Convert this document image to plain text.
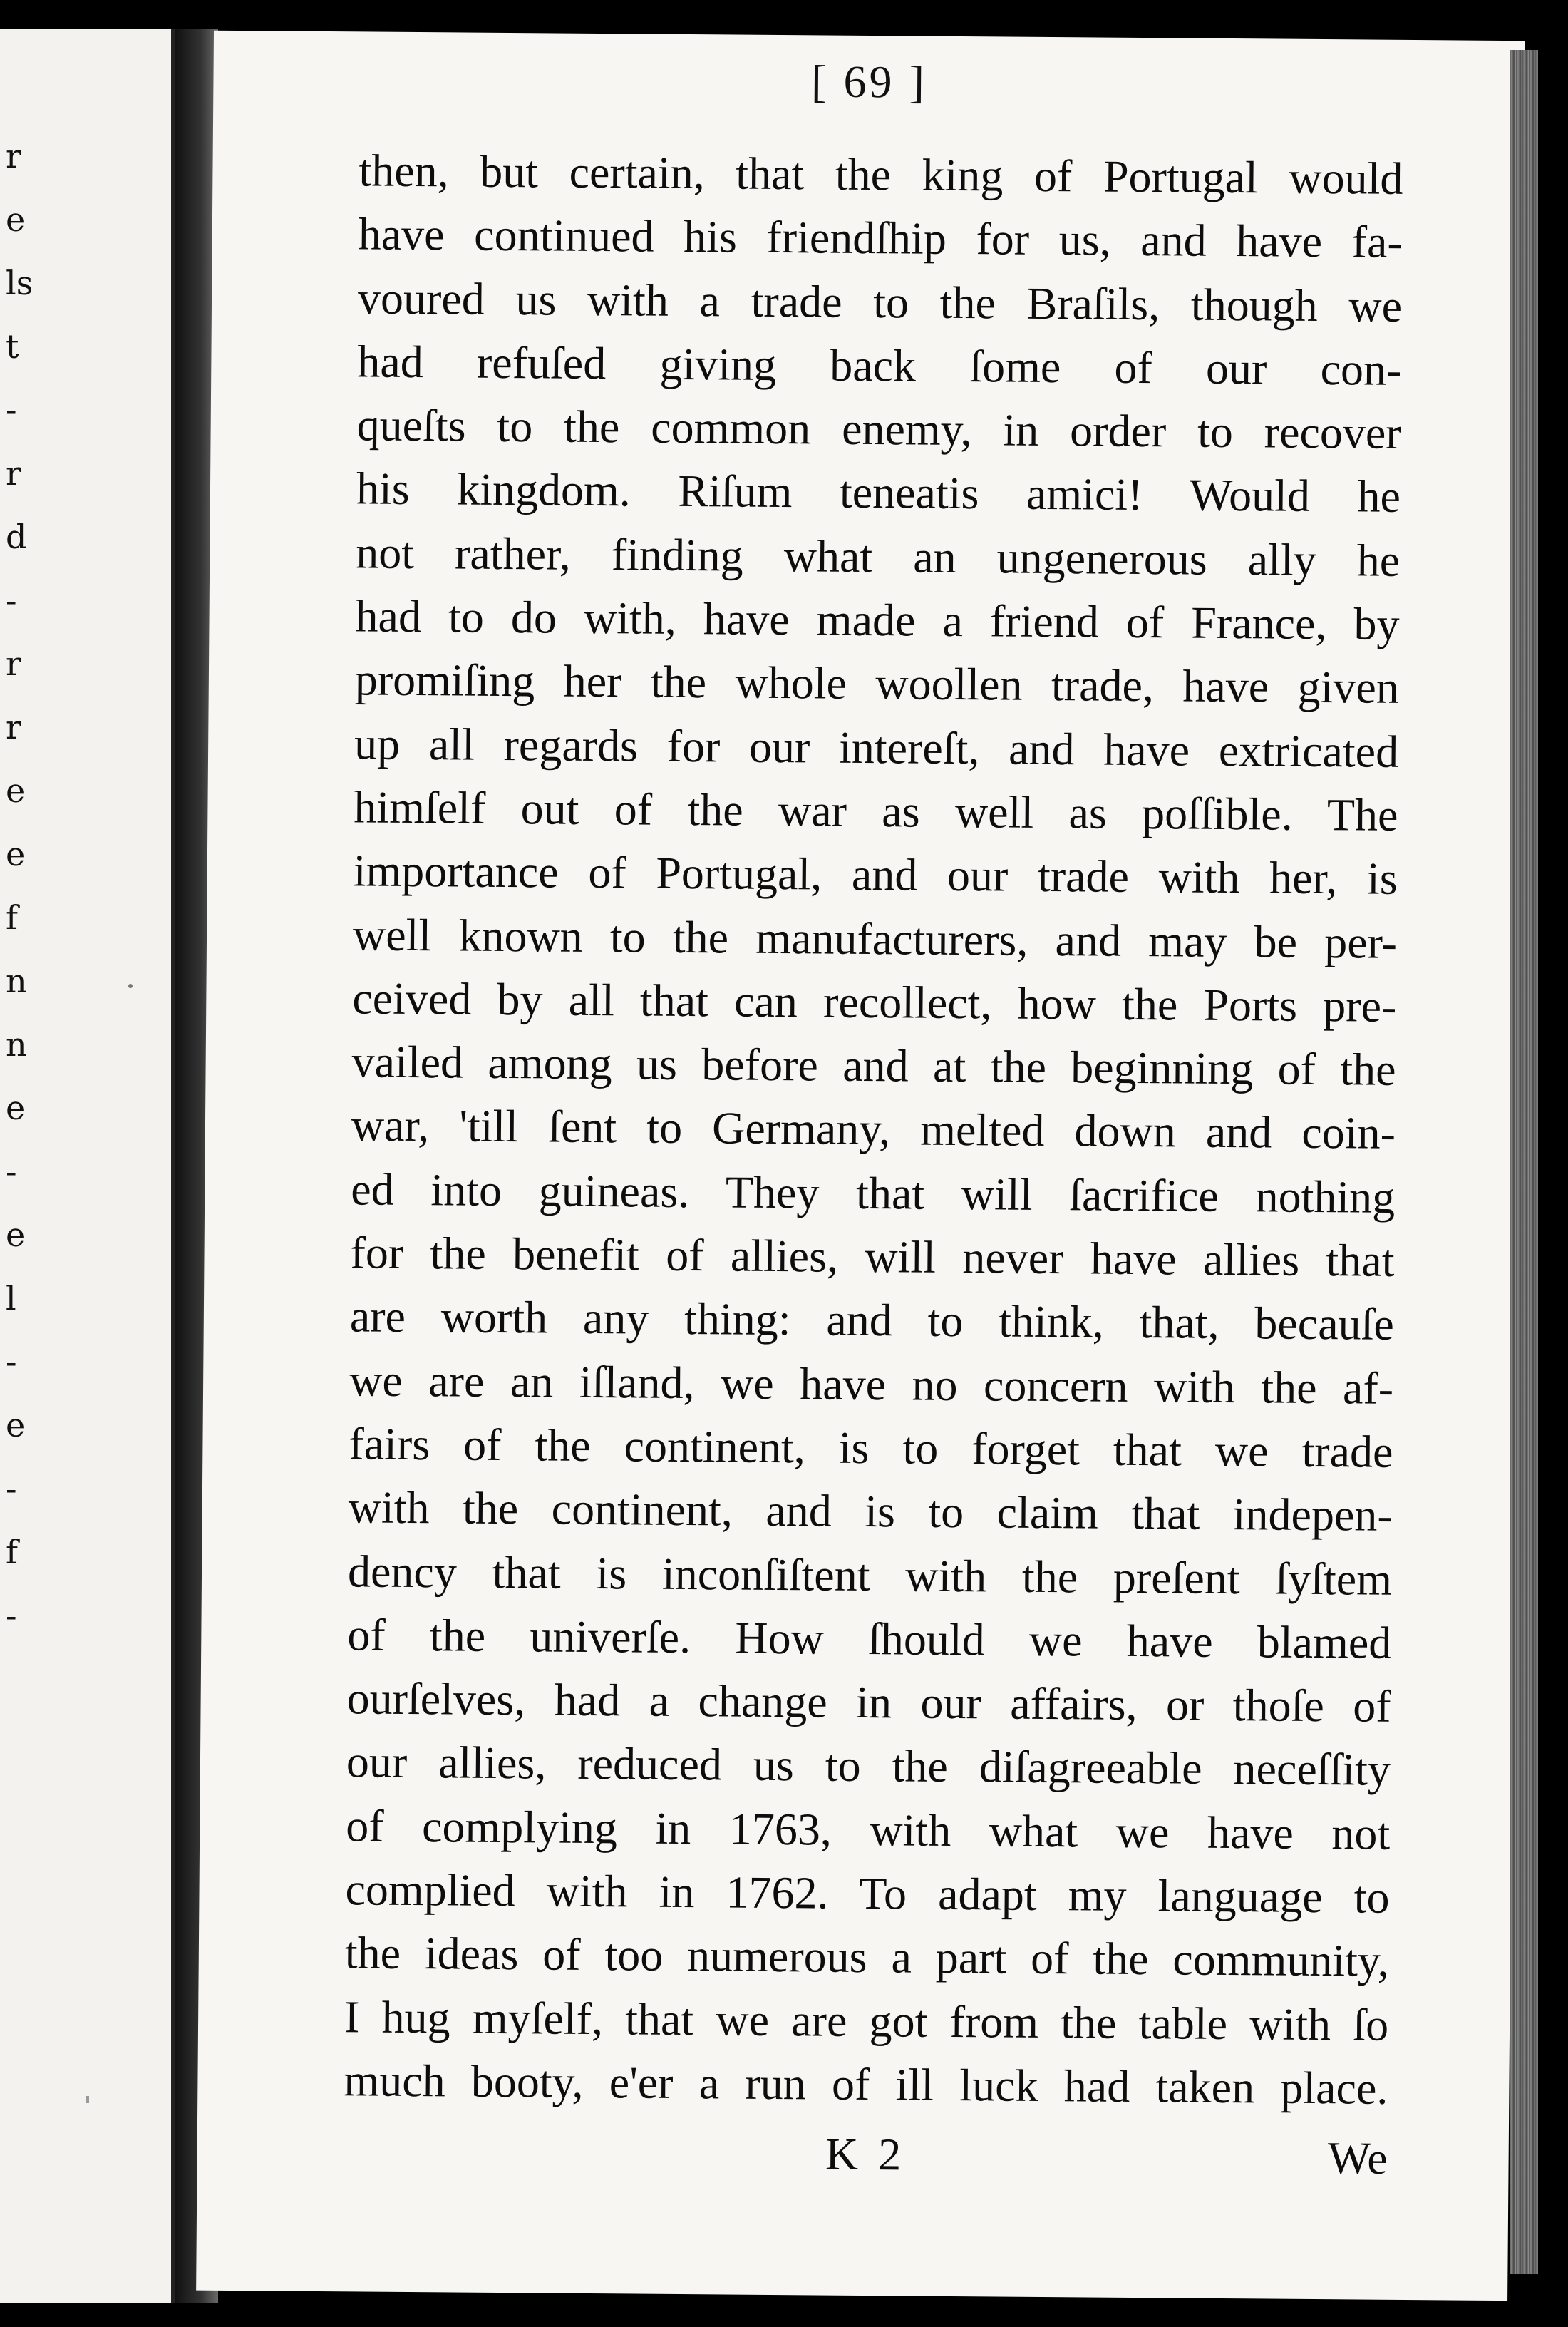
r
e
ls
t
-
r
d
-
r
r
e
e
f
n
n
e
-
e
l
-
e
-
f
-
[ 69 ]
then, but certain, that the king of Portugal would
have continued his friendſhip for us, and have fa-
voured us with a trade to the Braſils, though we
had refuſed giving back ſome of our con-
queſts to the common enemy, in order to recover
his kingdom. Riſum teneatis amici! Would he
not rather, finding what an ungenerous ally he
had to do with, have made a friend of France, by
promiſing her the whole woollen trade, have given
up all regards for our intereſt, and have extricated
himſelf out of the war as well as poſſible. The
importance of Portugal, and our trade with her, is
well known to the manufacturers, and may be per-
ceived by all that can recollect, how the Ports pre-
vailed among us before and at the beginning of the
war, 'till ſent to Germany, melted down and coin-
ed into guineas. They that will ſacrifice nothing
for the benefit of allies, will never have allies that
are worth any thing: and to think, that, becauſe
we are an iſland, we have no concern with the af-
fairs of the continent, is to forget that we trade
with the continent, and is to claim that indepen-
dency that is inconſiſtent with the preſent ſyſtem
of the univerſe. How ſhould we have blamed
ourſelves, had a change in our affairs, or thoſe of
our allies, reduced us to the diſagreeable neceſſity
of complying in 1763, with what we have not
complied with in 1762. To adapt my language to
the ideas of too numerous a part of the community,
I hug myſelf, that we are got from the table with ſo
much booty, e'er a run of ill luck had taken place.
K 2	We
